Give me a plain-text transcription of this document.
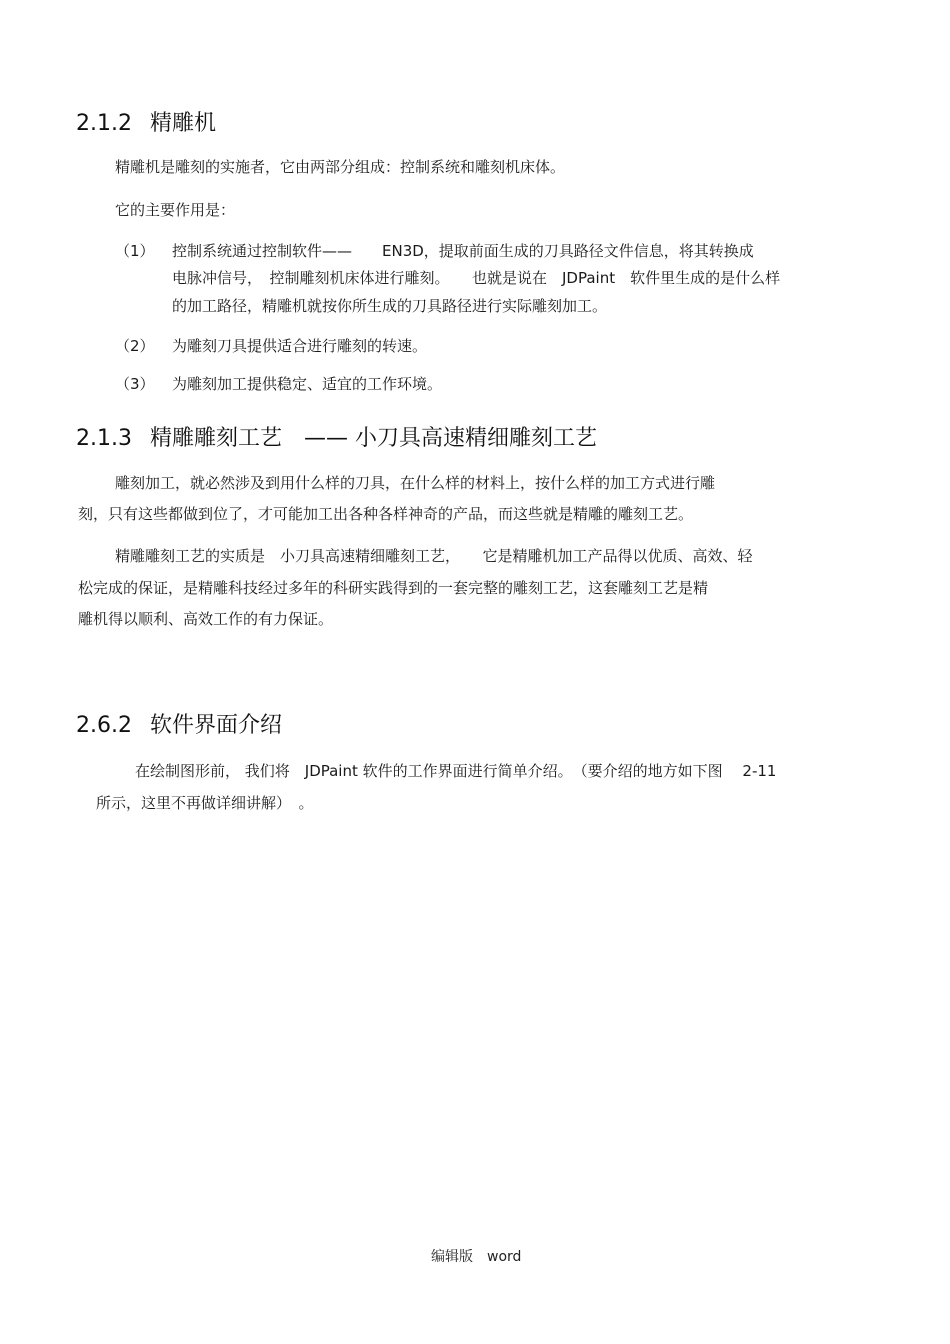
2.1.2 精雕机

精雕机是雕刻的实施者，它由两部分组成：控制系统和雕刻机床体。

它的主要作用是：

（1） 控制系统通过控制软件——　　EN3D，提取前面生成的刀具路径文件信息，将其转换成
电脉冲信号，　控制雕刻机床体进行雕刻。　　也就是说在　JDPaint　软件里生成的是什么样
的加工路径，精雕机就按你所生成的刀具路径进行实际雕刻加工。
（2） 为雕刻刀具提供适合进行雕刻的转速。
（3） 为雕刻加工提供稳定、适宜的工作环境。
2.1.3 精雕雕刻工艺　—— 小刀具高速精细雕刻工艺
雕刻加工，就必然涉及到用什么样的刀具，在什么样的材料上，按什么样的加工方式进行雕
刻，只有这些都做到位了，才可能加工出各种各样神奇的产品，而这些就是精雕的雕刻工艺。
精雕雕刻工艺的实质是　小刀具高速精细雕刻工艺，　　它是精雕机加工产品得以优质、高效、轻
松完成的保证，是精雕科技经过多年的科研实践得到的一套完整的雕刻工艺，这套雕刻工艺是精
雕机得以顺利、高效工作的有力保证。
2.6.2 软件界面介绍
在绘制图形前， 我们将　JDPaint 软件的工作界面进行简单介绍。　（要介绍的地方如下图　 2-11
所示，这里不再做详细讲解）　。
编辑版　word
